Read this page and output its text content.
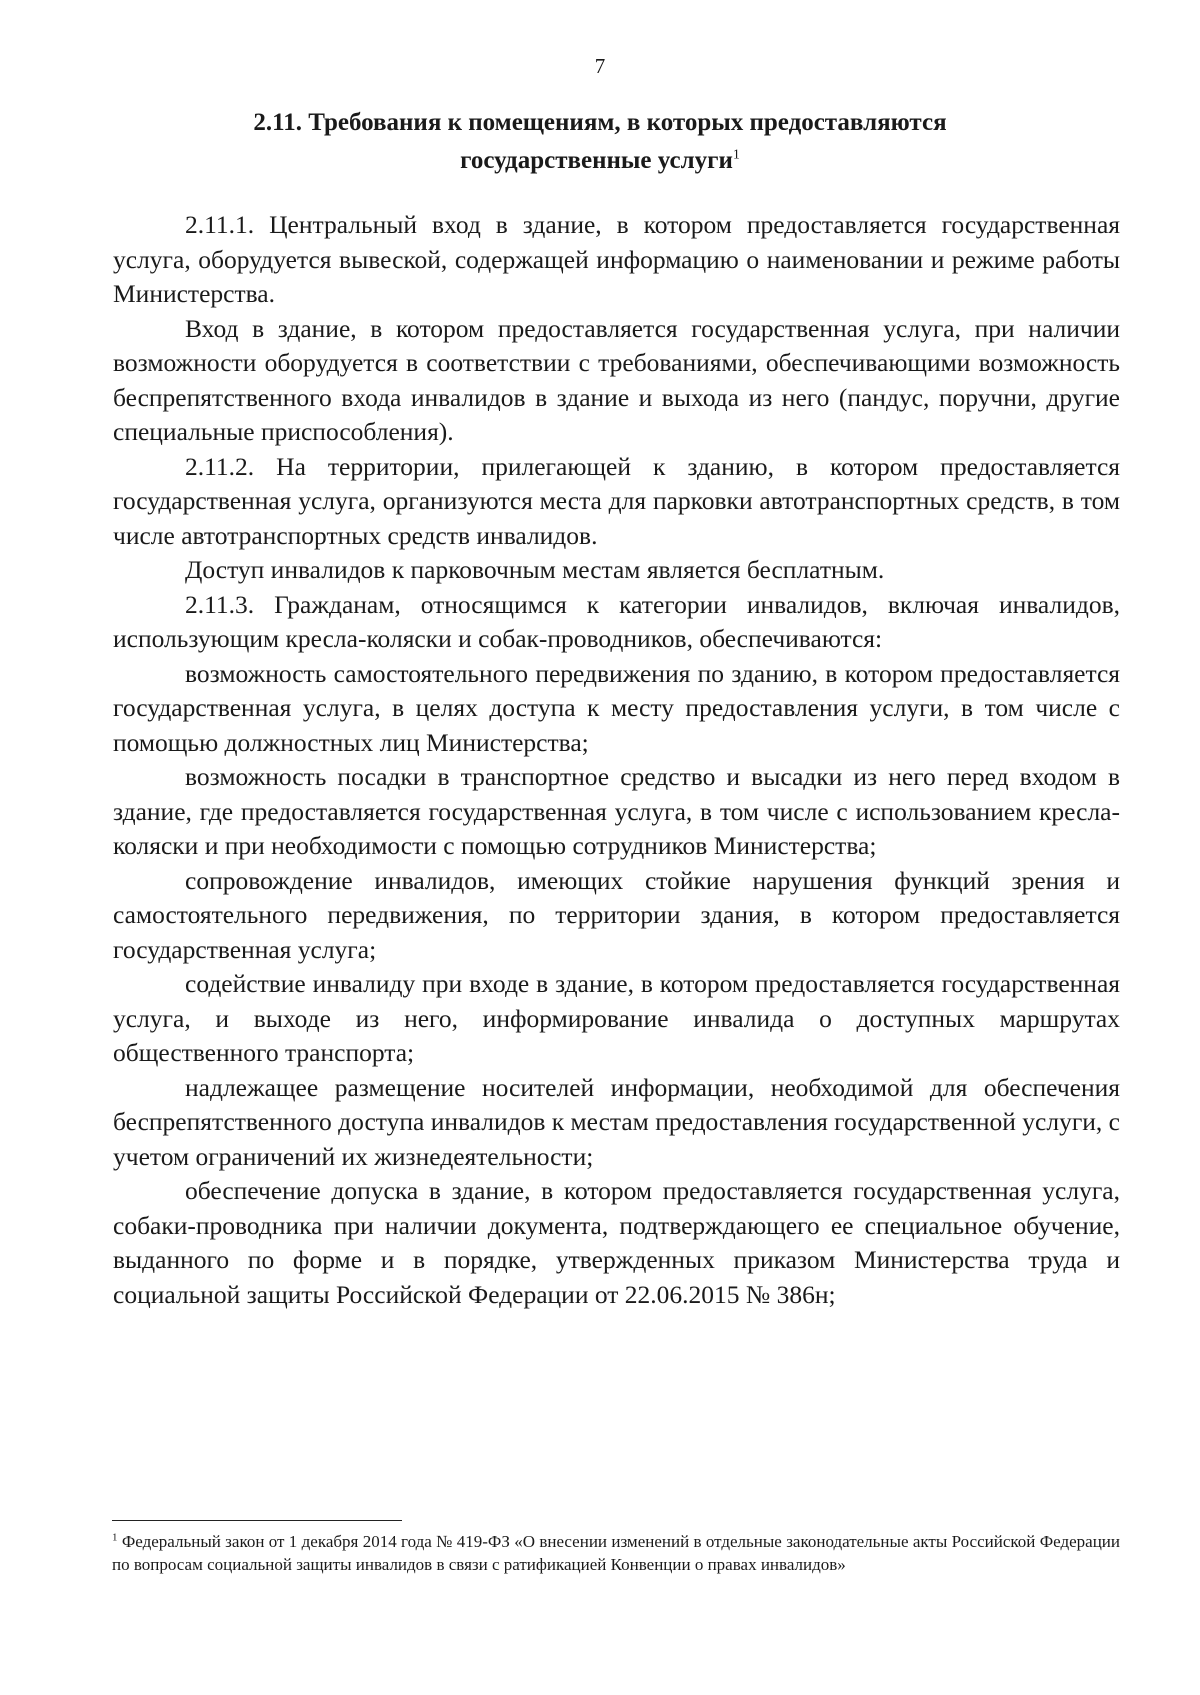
7
2.11. Требования к помещениям, в которых предоставляются
государственные услуги$^1$

2.11.1. Центральный вход в здание, в котором предоставляется государственная услуга, оборудуется вывеской, содержащей информацию о наименовании и режиме работы Министерства.

Вход в здание, в котором предоставляется государственная услуга, при наличии возможности оборудуется в соответствии с требованиями, обеспечивающими возможность беспрепятственного входа инвалидов в здание и выхода из него (пандус, поручни, другие специальные приспособления).

2.11.2. На территории, прилегающей к зданию, в котором предоставляется государственная услуга, организуются места для парковки автотранспортных средств, в том числе автотранспортных средств инвалидов.

Доступ инвалидов к парковочным местам является бесплатным.

2.11.3. Гражданам, относящимся к категории инвалидов, включая инвалидов, использующим кресла-коляски и собак-проводников, обеспечиваются:

возможность самостоятельного передвижения по зданию, в котором предоставляется государственная услуга, в целях доступа к месту предоставления услуги, в том числе с помощью должностных лиц Министерства;

возможность посадки в транспортное средство и высадки из него перед входом в здание, где предоставляется государственная услуга, в том числе с использованием кресла-коляски и при необходимости с помощью сотрудников Министерства;

сопровождение инвалидов, имеющих стойкие нарушения функций зрения и самостоятельного передвижения, по территории здания, в котором предоставляется государственная услуга;

содействие инвалиду при входе в здание, в котором предоставляется государственная услуга, и выходе из него, информирование инвалида о доступных маршрутах общественного транспорта;

надлежащее размещение носителей информации, необходимой для обеспечения беспрепятственного доступа инвалидов к местам предоставления государственной услуги, с учетом ограничений их жизнедеятельности;

обеспечение допуска в здание, в котором предоставляется государственная услуга, собаки-проводника при наличии документа, подтверждающего ее специальное обучение, выданного по форме и в порядке, утвержденных приказом Министерства труда и социальной защиты Российской Федерации от 22.06.2015 № 386н;

$^1$ Федеральный закон от 1 декабря 2014 года № 419-ФЗ «О внесении изменений в отдельные законодательные акты Российской Федерации по вопросам социальной защиты инвалидов в связи с ратификацией Конвенции о правах инвалидов»
